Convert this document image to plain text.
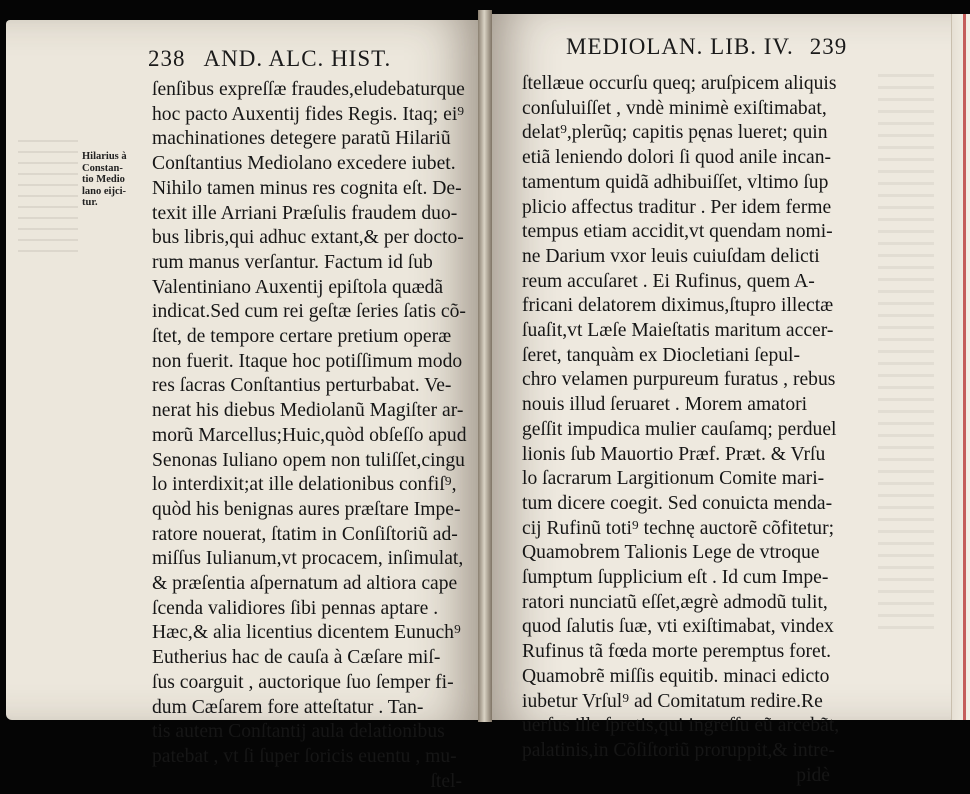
238 AND. ALC. HIST.
Hilarius à
Constan-
tio Medio
lano eijci-
tur.
ſenſibus expreſſæ fraudes,eludebaturque
hoc pacto Auxentij fides Regis. Itaq; ei⁹
machinationes detegere paratũ Hilariũ
Conſtantius Mediolano excedere iubet.
Nihilo tamen minus res cognita eſt. De-
texit ille Arriani Præſulis fraudem duo-
bus libris,qui adhuc extant,& per docto-
rum manus verſantur. Factum id ſub
Valentiniano Auxentij epiſtola quædã
indicat.Sed cum rei geſtæ ſeries ſatis cõ-
ſtet, de tempore certare pretium operæ
non fuerit. Itaque hoc potiſſimum modo
res ſacras Conſtantius perturbabat. Ve-
nerat his diebus Mediolanũ Magiſter ar-
morũ Marcellus;Huic,quòd obſeſſo apud
Senonas Iuliano opem non tuliſſet,cingu
lo interdixit;at ille delationibus confiſ⁹,
quòd his benignas aures præſtare Impe-
ratore nouerat, ſtatim in Conſiſtoriũ ad-
miſſus Iulianum,vt procacem, inſimulat,
& præſentia aſpernatum ad altiora cape
ſcenda validiores ſibi pennas aptare .
Hæc,& alia licentius dicentem Eunuch⁹
Eutherius hac de cauſa à Cæſare miſ-
ſus coarguit , auctorique ſuo ſemper fi-
dum Cæſarem fore atteſtatur . Tan-
tis autem Conſtantij aula delationibus
patebat , vt ſi ſuper ſoricis euentu , mu-
ſtel-
MEDIOLAN. LIB. IV. 239
ſtellæue occurſu queq; aruſpicem aliquis
conſuluiſſet , vndè minimè exiſtimabat,
delat⁹,plerũq; capitis pęnas lueret; quin
etiã leniendo dolori ſi quod anile incan-
tamentum quidã adhibuiſſet, vltimo ſup
plicio affectus traditur . Per idem ferme
tempus etiam accidit,vt quendam nomi-
ne Darium vxor leuis cuiuſdam delicti
reum accuſaret . Ei Rufinus, quem A-
fricani delatorem diximus,ſtupro illectæ
ſuaſit,vt Læſe Maieſtatis maritum accer-
ſeret, tanquàm ex Diocletiani ſepul-
chro velamen purpureum furatus , rebus
nouis illud ſeruaret . Morem amatori
geſſit impudica mulier cauſamq; perduel
lionis ſub Mauortio Præf. Præt. & Vrſu
lo ſacrarum Largitionum Comite mari-
tum dicere coegit. Sed conuicta menda-
cij Rufinũ toti⁹ technę auctorẽ cõfitetur;
Quamobrem Talionis Lege de vtroque
ſumptum ſupplicium eſt . Id cum Impe-
ratori nunciatũ eſſet,ægrè admodũ tulit,
quod ſalutis ſuæ, vti exiſtimabat, vindex
Rufinus tã fœda morte peremptus foret.
Quamobrẽ miſſis equitib. minaci edicto
iubetur Vrſul⁹ ad Comitatum redire.Re
uerſus ille ſpretis,qui ingreſſu eũ arcebãt,
palatinis,in Cõſiſtoriũ proruppit,& intre-
pidè
